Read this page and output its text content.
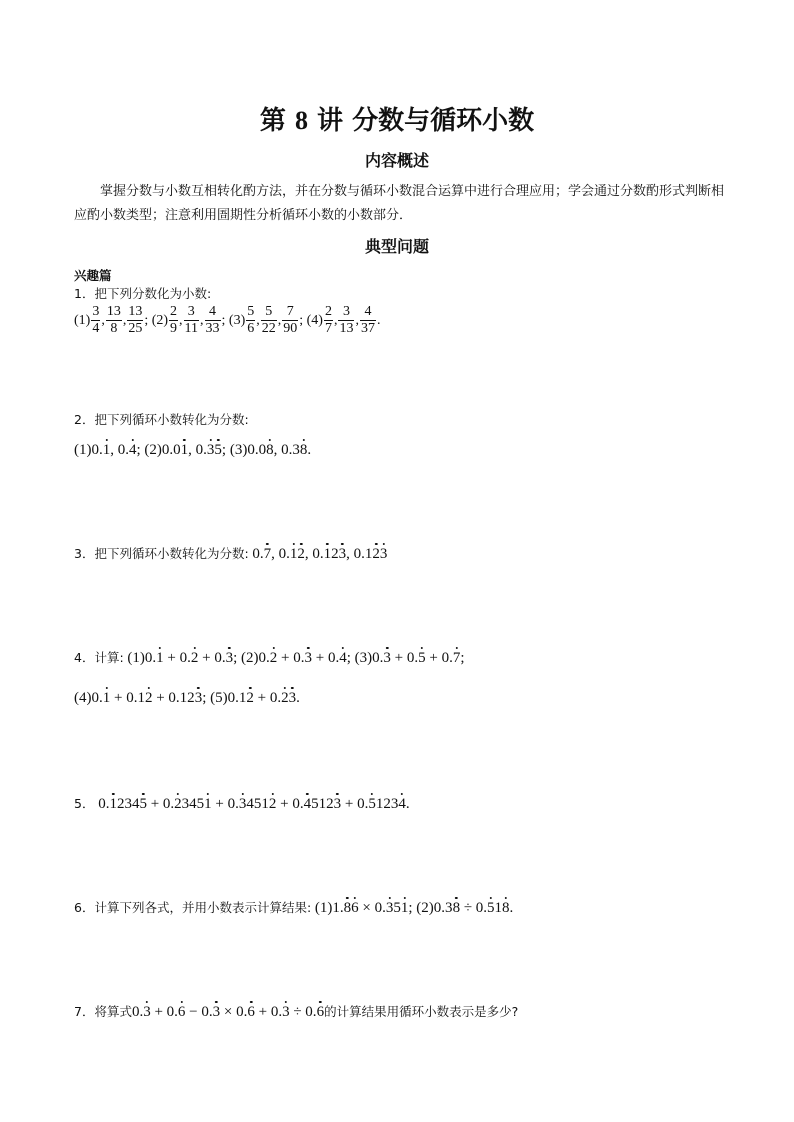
第 8 讲 分数与循环小数
内容概述
掌握分数与小数互相转化酌方法，并在分数与循环小数混合运算中进行合理应用；学会通过分数酌形式判断相应酌小数类型；注意利用圄期性分析循环小数的小数部分．
典型问题
兴趣篇
1．把下列分数化为小数:
$(1) \frac{3}{4}$ , $\frac{13}{8}$ , $\frac{13}{25}$ ; $(2) \frac{2}{9}$ , $\frac{3}{11}$ , $\frac{4}{33}$ ; $(3) \frac{5}{6}$ , $\frac{5}{22}$ , $\frac{7}{90}$ ; $(4) \frac{2}{7}$ , $\frac{3}{13}$ , $\frac{4}{37}$ .
2．把下列循环小数转化为分数:
(1)0.1, 0.4; (2)0.01, 0.35; (3)0.08, 0.38.
3．把下列循环小数转化为分数: 0.7, 0.12, 0.123, 0.123
4．计算: (1)0.1 + 0.2 + 0.3; (2)0.2 + 0.3 + 0.4; (3)0.3 + 0.5 + 0.7;
(4)0.1 + 0.12 + 0.123; (5)0.12 + 0.23.
5． 0.12345 + 0.23451 + 0.34512 + 0.45123 + 0.51234.
6．计算下列各式，并用小数表示计算结果: (1)1.86 × 0.351; (2)0.38 ÷ 0.518.
7．将算式0.3 + 0.6 − 0.3 × 0.6 + 0.3 ÷ 0.6的计算结果用循环小数表示是多少?
